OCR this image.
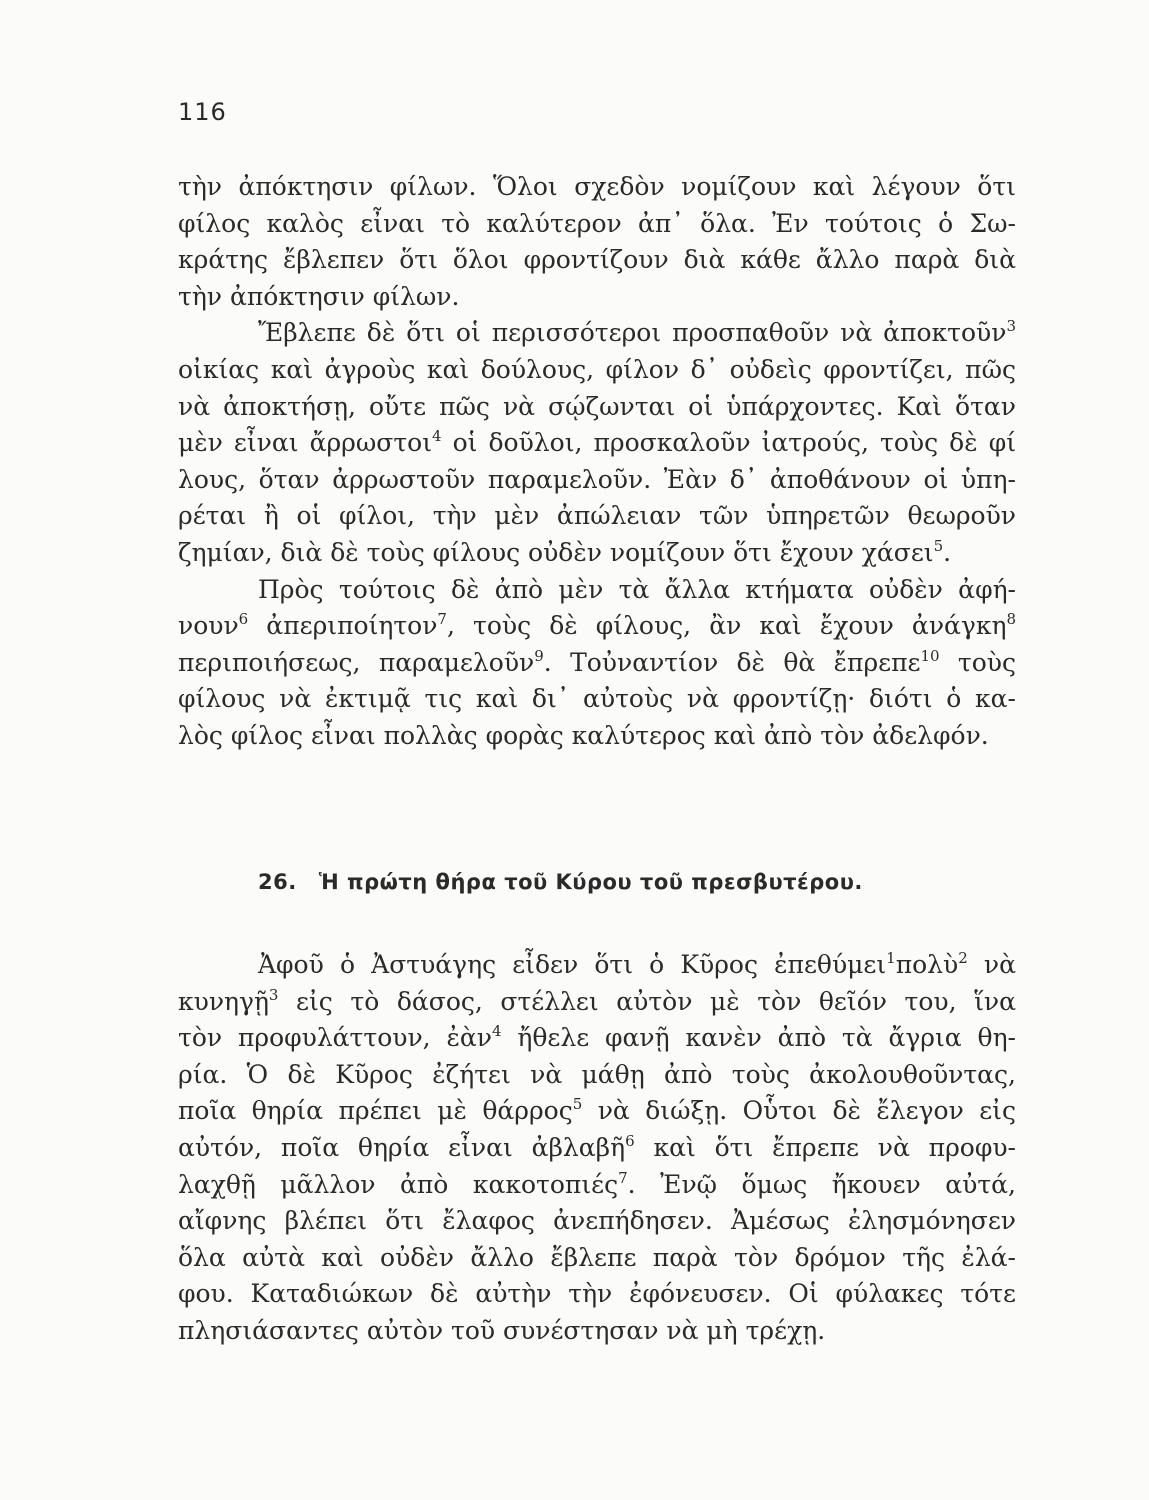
116
τὴν ἀπόκτησιν φίλων. Ὅλοι σχεδὸν νομίζουν καὶ λέγουν ὅτι
φίλος καλὸς εἶναι τὸ καλύτερον ἀπ᾽ ὅλα. Ἐν τούτοις ὁ Σω-
κράτης ἔβλεπεν ὅτι ὅλοι φροντίζουν διὰ κάθε ἄλλο παρὰ διὰ
τὴν ἀπόκτησιν φίλων.
Ἔβλεπε δὲ ὅτι οἱ περισσότεροι προσπαθοῦν νὰ ἀποκτοῦν$^3$
οἰκίας καὶ ἀγροὺς καὶ δούλους, φίλον δ᾽ οὐδεὶς φροντίζει, πῶς
νὰ ἀποκτήσῃ, οὔτε πῶς νὰ σῴζωνται οἱ ὑπάρχοντες. Καὶ ὅταν
μὲν εἶναι ἄρρωστοι$^4$ οἱ δοῦλοι, προσκαλοῦν ἰατρούς, τοὺς δὲ φί
λους, ὅταν ἀρρωστοῦν παραμελοῦν. Ἐὰν δ᾽ ἀποθάνουν οἱ ὑπη-
ρέται ἢ οἱ φίλοι, τὴν μὲν ἀπώλειαν τῶν ὑπηρετῶν θεωροῦν
ζημίαν, διὰ δὲ τοὺς φίλους οὐδὲν νομίζουν ὅτι ἔχουν χάσει$^5$.
Πρὸς τούτοις δὲ ἀπὸ μὲν τὰ ἄλλα κτήματα οὐδὲν ἀφή-
νουν$^6$ ἀπεριποίητον$^7$, τοὺς δὲ φίλους, ἂν καὶ ἔχουν ἀνάγκη$^8$
περιποιήσεως, παραμελοῦν$^9$. Τοὐναντίον δὲ θὰ ἔπρεπε$^{10}$ τοὺς
φίλους νὰ ἐκτιμᾷ τις καὶ δι᾽ αὐτοὺς νὰ φροντίζῃ· διότι ὁ κα-
λὸς φίλος εἶναι πολλὰς φορὰς καλύτερος καὶ ἀπὸ τὸν ἀδελφόν.
26. Ἡ πρώτη θήρα τοῦ Κύρου τοῦ πρεσβυτέρου.
Ἀφοῦ ὁ Ἀστυάγης εἶδεν ὅτι ὁ Κῦρος ἐπεθύμει$^1$πολὺ$^2$ νὰ
κυνηγῇ$^3$ εἰς τὸ δάσος, στέλλει αὐτὸν μὲ τὸν θεῖόν του, ἵνα
τὸν προφυλάττουν, ἐὰν$^4$ ἤθελε φανῇ κανὲν ἀπὸ τὰ ἄγρια θη-
ρία. Ὁ δὲ Κῦρος ἐζήτει νὰ μάθῃ ἀπὸ τοὺς ἀκολουθοῦντας,
ποῖα θηρία πρέπει μὲ θάρρος$^5$ νὰ διώξῃ. Οὗτοι δὲ ἔλεγον εἰς
αὐτόν, ποῖα θηρία εἶναι ἀβλαβῆ$^6$ καὶ ὅτι ἔπρεπε νὰ προφυ-
λαχθῇ μᾶλλον ἀπὸ κακοτοπιές$^7$. Ἐνῷ ὅμως ἤκουεν αὐτά,
αἴφνης βλέπει ὅτι ἔλαφος ἀνεπήδησεν. Ἀμέσως ἐλησμόνησεν
ὅλα αὐτὰ καὶ οὐδὲν ἄλλο ἔβλεπε παρὰ τὸν δρόμον τῆς ἐλά-
φου. Καταδιώκων δὲ αὐτὴν τὴν ἐφόνευσεν. Οἱ φύλακες τότε
πλησιάσαντες αὐτὸν τοῦ συνέστησαν νὰ μὴ τρέχῃ.
